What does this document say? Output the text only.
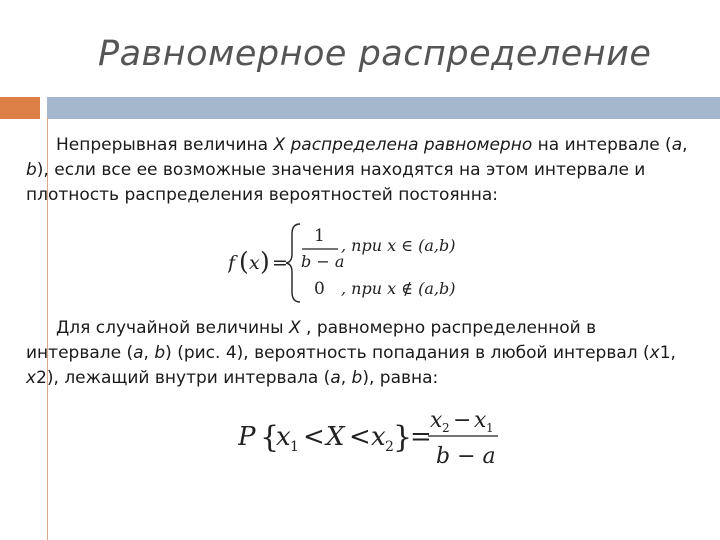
Равномерное распределение

Непрерывная величина X распределена равномерно на интервале (a, b), если все ее возможные значения находятся на этом интервале и плотность распределения вероятностей постоянна:

f ( x ) =
1
b − a
, при x ∈ (a,b)
0 , при x ∉ (a,b)

Для случайной величины X , равномерно распределенной в интервале (a, b) (рис. 4), вероятность попадания в любой интервал (x1, x2), лежащий внутри интервала (a, b), равна:

P {
x 1 < X < x 2 }
=
x 2 − x 1
b − a
